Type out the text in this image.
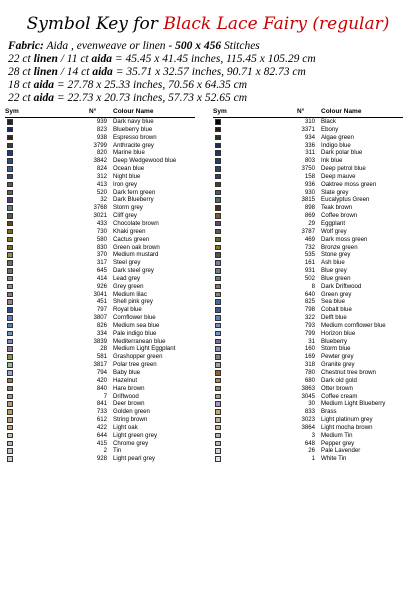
Symbol Key for Black Lace Fairy (regular)
Fabric: Aida , evenweave or linen - 500 x 456 Stitches
22 ct linen / 11 ct aida = 45.45 x 41.45 inches, 115.45 x 105.29 cm
28 ct linen / 14 ct aida = 35.71 x 32.57 inches, 90.71 x 82.73 cm
18 ct aida = 27.78 x 25.33 inches, 70.56 x 64.35 cm
22 ct aida = 22.73 x 20.73 inches, 57.73 x 52.65 cm
Sym	N°	Colour Name
939 Dark navy blue
823 Blueberry blue
938 Espresso brown
3799 Anthracite grey
820 Marine blue
3842 Deep Wedgewood blue
824 Ocean blue
312 Night blue
413 Iron grey
520 Dark fern green
32 Dark Blueberry
3768 Storm grey
3021 Cliff grey
433 Chocolate brown
730 Khaki green
580 Cactus green
830 Green oak brown
370 Medium mustard
317 Steel grey
645 Dark steel grey
414 Lead grey
926 Grey green
3041 Medium lilac
451 Shell pink grey
797 Royal blue
3807 Cornflower blue
826 Medium sea blue
334 Pale indigo blue
3839 Mediterranean blue
28 Medium Light Eggplant
581 Grashopper green
3817 Polar tree green
794 Baby blue
420 Hazelnut
840 Hare brown
7 Driftwood
841 Deer brown
733 Golden green
612 String brown
422 Light oak
644 Light green grey
415 Chrome grey
2 Tin
928 Light pearl grey
Sym	N°	Colour Name
310 Black
3371 Ebony
934 Algae green
336 Indigo blue
311 Dark polar blue
803 Ink blue
3750 Deep petrol blue
158 Deep mauve
936 Oaktree moss green
930 Slate grey
3815 Eucalyptus Green
898 Teak brown
869 Coffee brown
29 Eggplant
3787 Wolf grey
469 Dark moss green
732 Bronze green
535 Stone grey
161 Ash blue
931 Blue grey
502 Blue green
8 Dark Driftwood
640 Green grey
825 Sea blue
798 Cobalt blue
322 Delft blue
793 Medium cornflower blue
799 Horizon blue
31 Blueberry
160 Storm blue
169 Pewter grey
318 Granite grey
780 Chestnut tree brown
680 Dark old gold
3863 Otter brown
3045 Coffee cream
30 Medium Light Blueberry
833 Brass
3023 Light platinum grey
3864 Light mocha brown
3 Medium Tin
648 Pepper grey
26 Pale Lavender
1 White Tin
